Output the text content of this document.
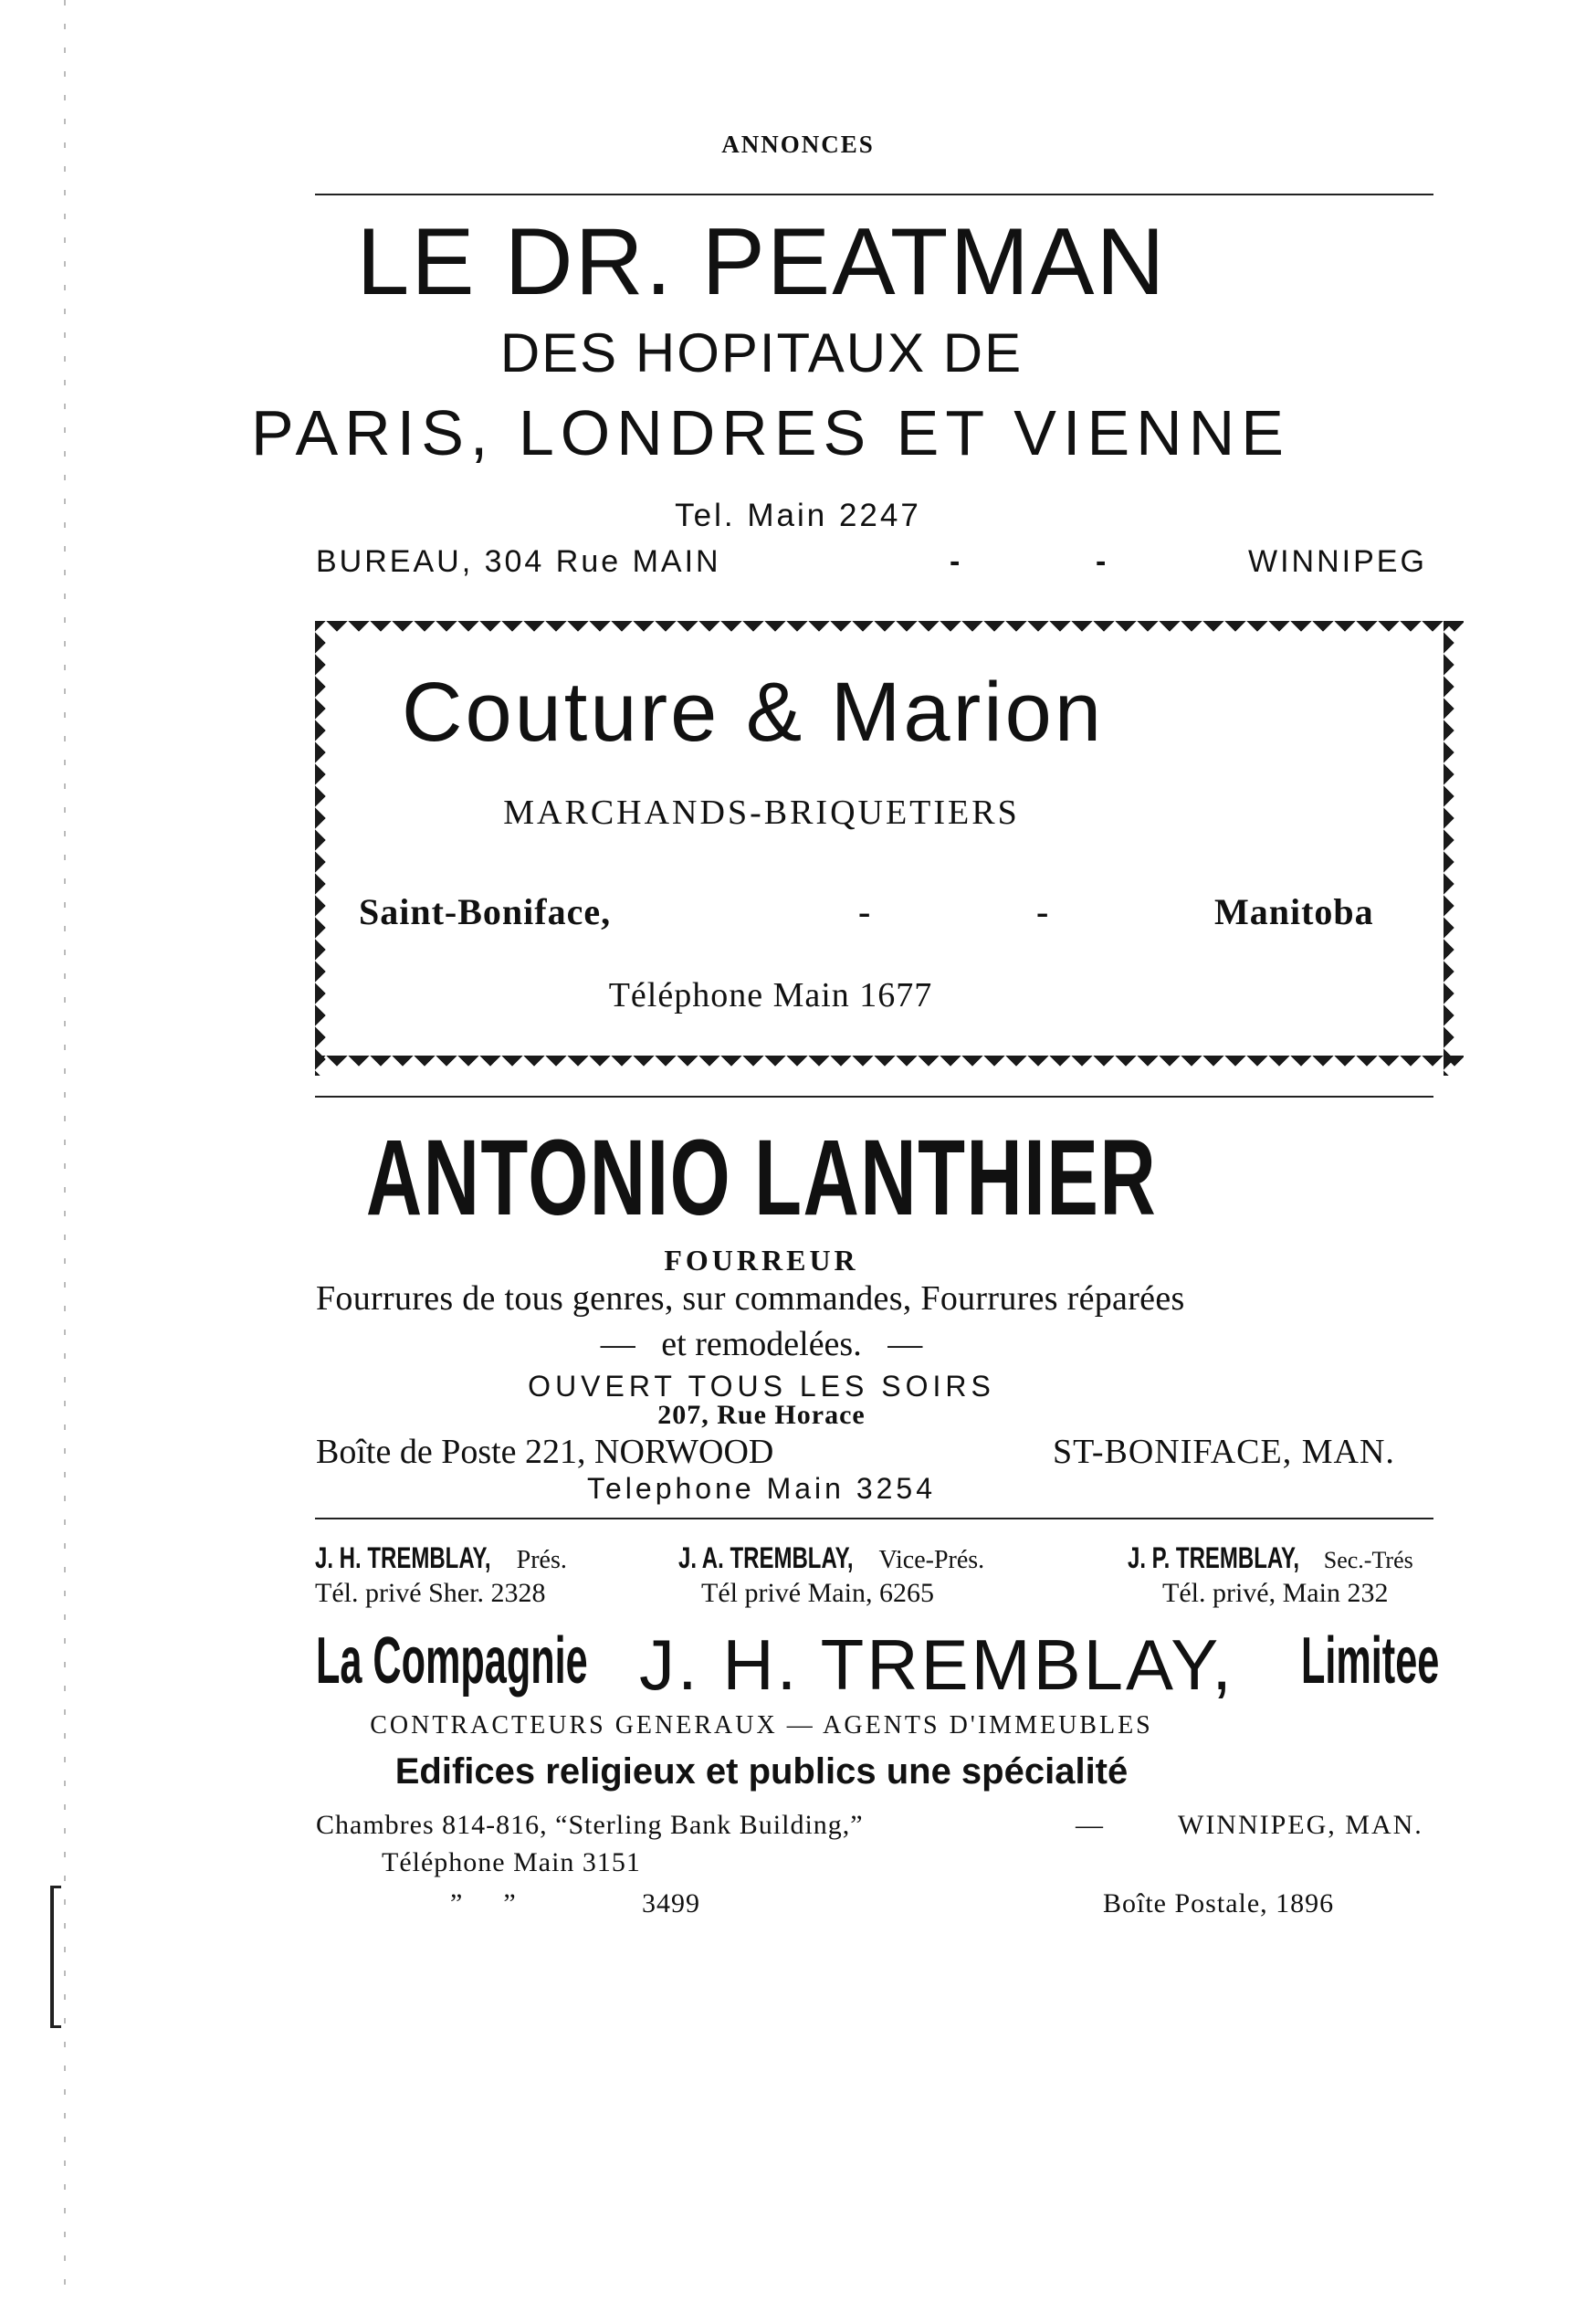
ANNONCES
LE DR. PEATMAN
DES HOPITAUX DE
PARIS, LONDRES ET VIENNE
Tel. Main 2247
BUREAU, 304 Rue MAIN	-	-	WINNIPEG
Couture & Marion
MARCHANDS-BRIQUETIERS
Saint-Boniface,	-	-	Manitoba
Téléphone Main 1677
ANTONIO LANTHIER
FOURREUR
Fourrures de tous genres, sur commandes, Fourrures réparées
—   et remodelées.   —
OUVERT TOUS LES SOIRS
207, Rue Horace
Boîte de Poste 221, NORWOOD	ST-BONIFACE, MAN.
Telephone Main 3254
J. H. TREMBLAY, Prés.
Tél. privé Sher. 2328
J. A. TREMBLAY, Vice-Prés.
Tél privé Main, 6265
J. P. TREMBLAY, Sec.-Trés
Tél. privé, Main 232
La Compagnie J. H. TREMBLAY, Limitee
CONTRACTEURS GENERAUX — AGENTS D'IMMEUBLES
Edifices religieux et publics une spécialité
Chambres 814-816, “Sterling Bank Building,”	—	WINNIPEG, MAN.
Téléphone Main 3151
”      ”	3499	Boîte Postale, 1896
